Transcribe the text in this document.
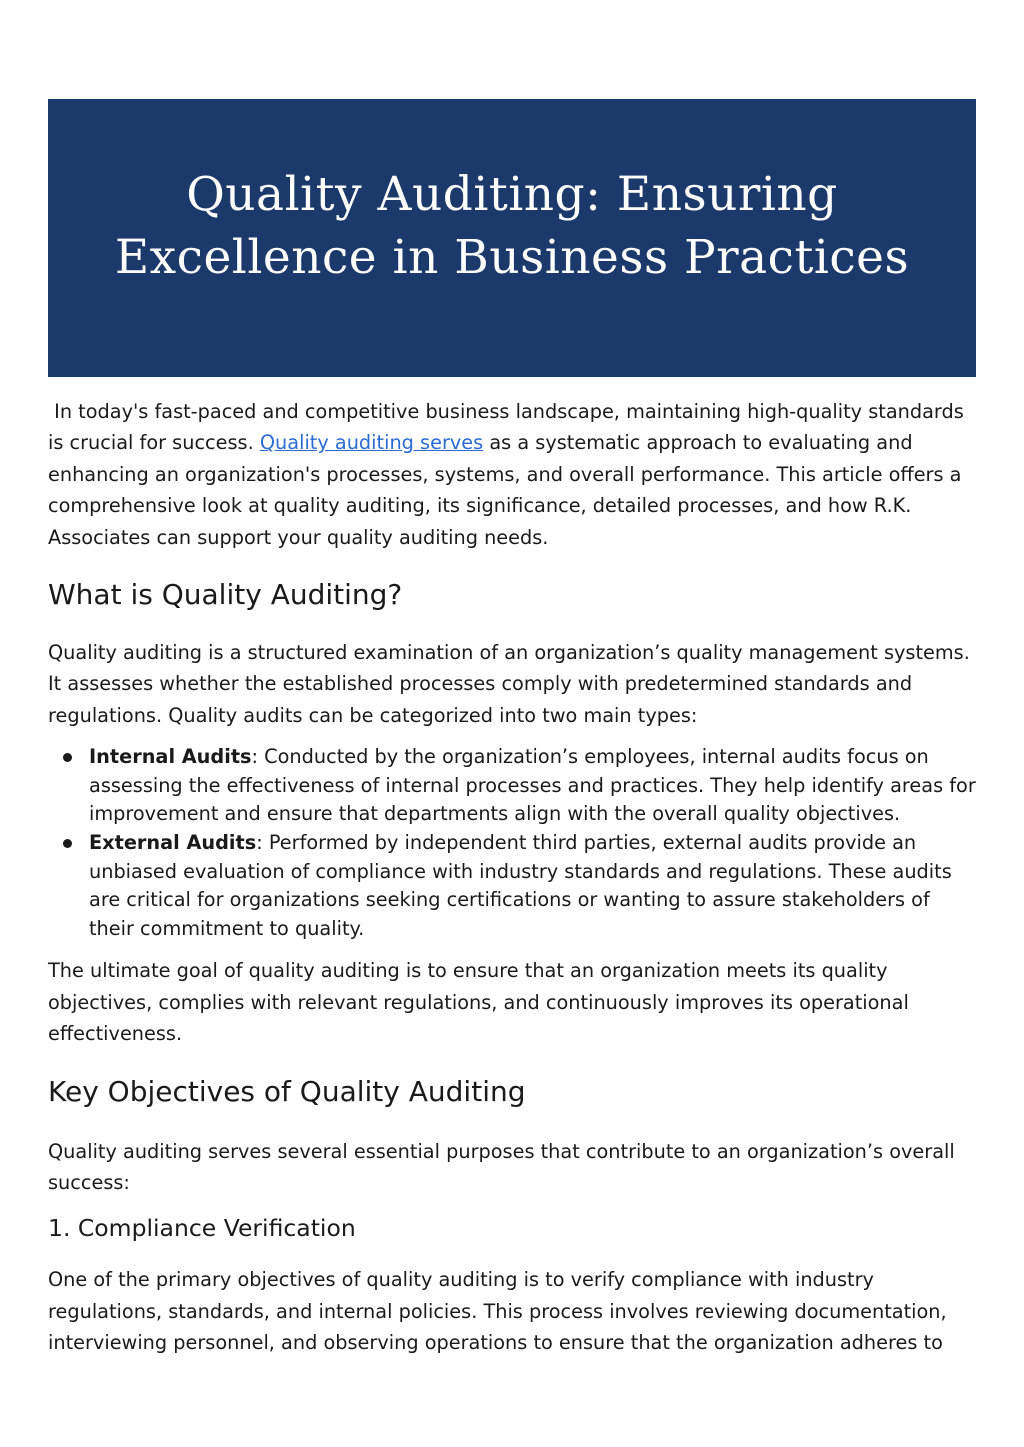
Quality Auditing: Ensuring
Excellence in Business Practices

In today's fast-paced and competitive business landscape, maintaining high-quality standards is crucial for success. Quality auditing serves as a systematic approach to evaluating and enhancing an organization's processes, systems, and overall performance. This article offers a comprehensive look at quality auditing, its significance, detailed processes, and how R.K. Associates can support your quality auditing needs.

What is Quality Auditing?

Quality auditing is a structured examination of an organization’s quality management systems. It assesses whether the established processes comply with predetermined standards and regulations. Quality audits can be categorized into two main types:

Internal Audits: Conducted by the organization’s employees, internal audits focus on assessing the effectiveness of internal processes and practices. They help identify areas for improvement and ensure that departments align with the overall quality objectives.
External Audits: Performed by independent third parties, external audits provide an unbiased evaluation of compliance with industry standards and regulations. These audits are critical for organizations seeking certifications or wanting to assure stakeholders of their commitment to quality.

The ultimate goal of quality auditing is to ensure that an organization meets its quality objectives, complies with relevant regulations, and continuously improves its operational effectiveness.

Key Objectives of Quality Auditing

Quality auditing serves several essential purposes that contribute to an organization’s overall success:

1. Compliance Verification

One of the primary objectives of quality auditing is to verify compliance with industry regulations, standards, and internal policies. This process involves reviewing documentation, interviewing personnel, and observing operations to ensure that the organization adheres to
